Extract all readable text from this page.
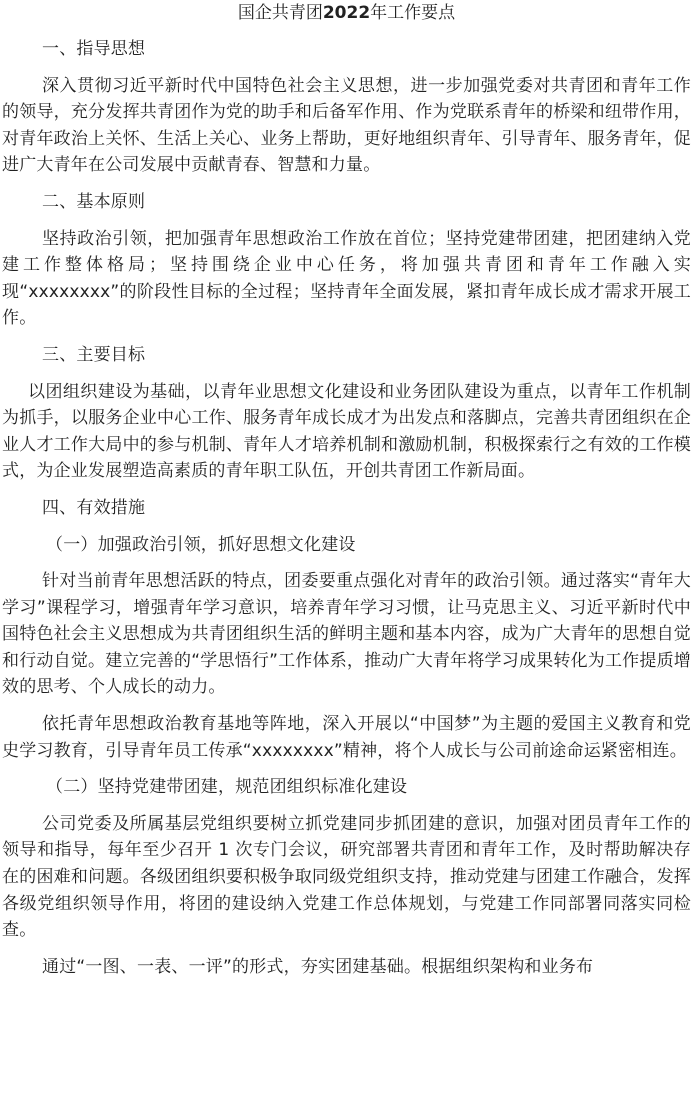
国企共青团2022年工作要点

一、指导思想

深入贯彻习近平新时代中国特色社会主义思想，进一步加强党委对共青团和青年工作的领导，充分发挥共青团作为党的助手和后备军作用、作为党联系青年的桥梁和纽带作用，对青年政治上关怀、生活上关心、业务上帮助，更好地组织青年、引导青年、服务青年，促进广大青年在公司发展中贡献青春、智慧和力量。

二、基本原则

坚持政治引领，把加强青年思想政治工作放在首位；坚持党建带团建，把团建纳入党建工作整体格局；坚持围绕企业中心任务，将加强共青团和青年工作融入实现“xxxxxxxx”的阶段性目标的全过程；坚持青年全面发展，紧扣青年成长成才需求开展工作。

三、主要目标

以团组织建设为基础，以青年业思想文化建设和业务团队建设为重点，以青年工作机制为抓手，以服务企业中心工作、服务青年成长成才为出发点和落脚点，完善共青团组织在企业人才工作大局中的参与机制、青年人才培养机制和激励机制，积极探索行之有效的工作模式，为企业发展塑造高素质的青年职工队伍，开创共青团工作新局面。

四、有效措施

（一）加强政治引领，抓好思想文化建设

针对当前青年思想活跃的特点，团委要重点强化对青年的政治引领。通过落实“青年大学习”课程学习，增强青年学习意识，培养青年学习习惯，让马克思主义、习近平新时代中国特色社会主义思想成为共青团组织生活的鲜明主题和基本内容，成为广大青年的思想自觉和行动自觉。建立完善的“学思悟行”工作体系，推动广大青年将学习成果转化为工作提质增效的思考、个人成长的动力。

依托青年思想政治教育基地等阵地，深入开展以“中国梦”为主题的爱国主义教育和党史学习教育，引导青年员工传承“xxxxxxxx”精神，将个人成长与公司前途命运紧密相连。

（二）坚持党建带团建，规范团组织标准化建设

公司党委及所属基层党组织要树立抓党建同步抓团建的意识，加强对团员青年工作的领导和指导，每年至少召开 1 次专门会议，研究部署共青团和青年工作，及时帮助解决存在的困难和问题。各级团组织要积极争取同级党组织支持，推动党建与团建工作融合，发挥各级党组织领导作用，将团的建设纳入党建工作总体规划，与党建工作同部署同落实同检查。

通过“一图、一表、一评”的形式，夯实团建基础。根据组织架构和业务布
